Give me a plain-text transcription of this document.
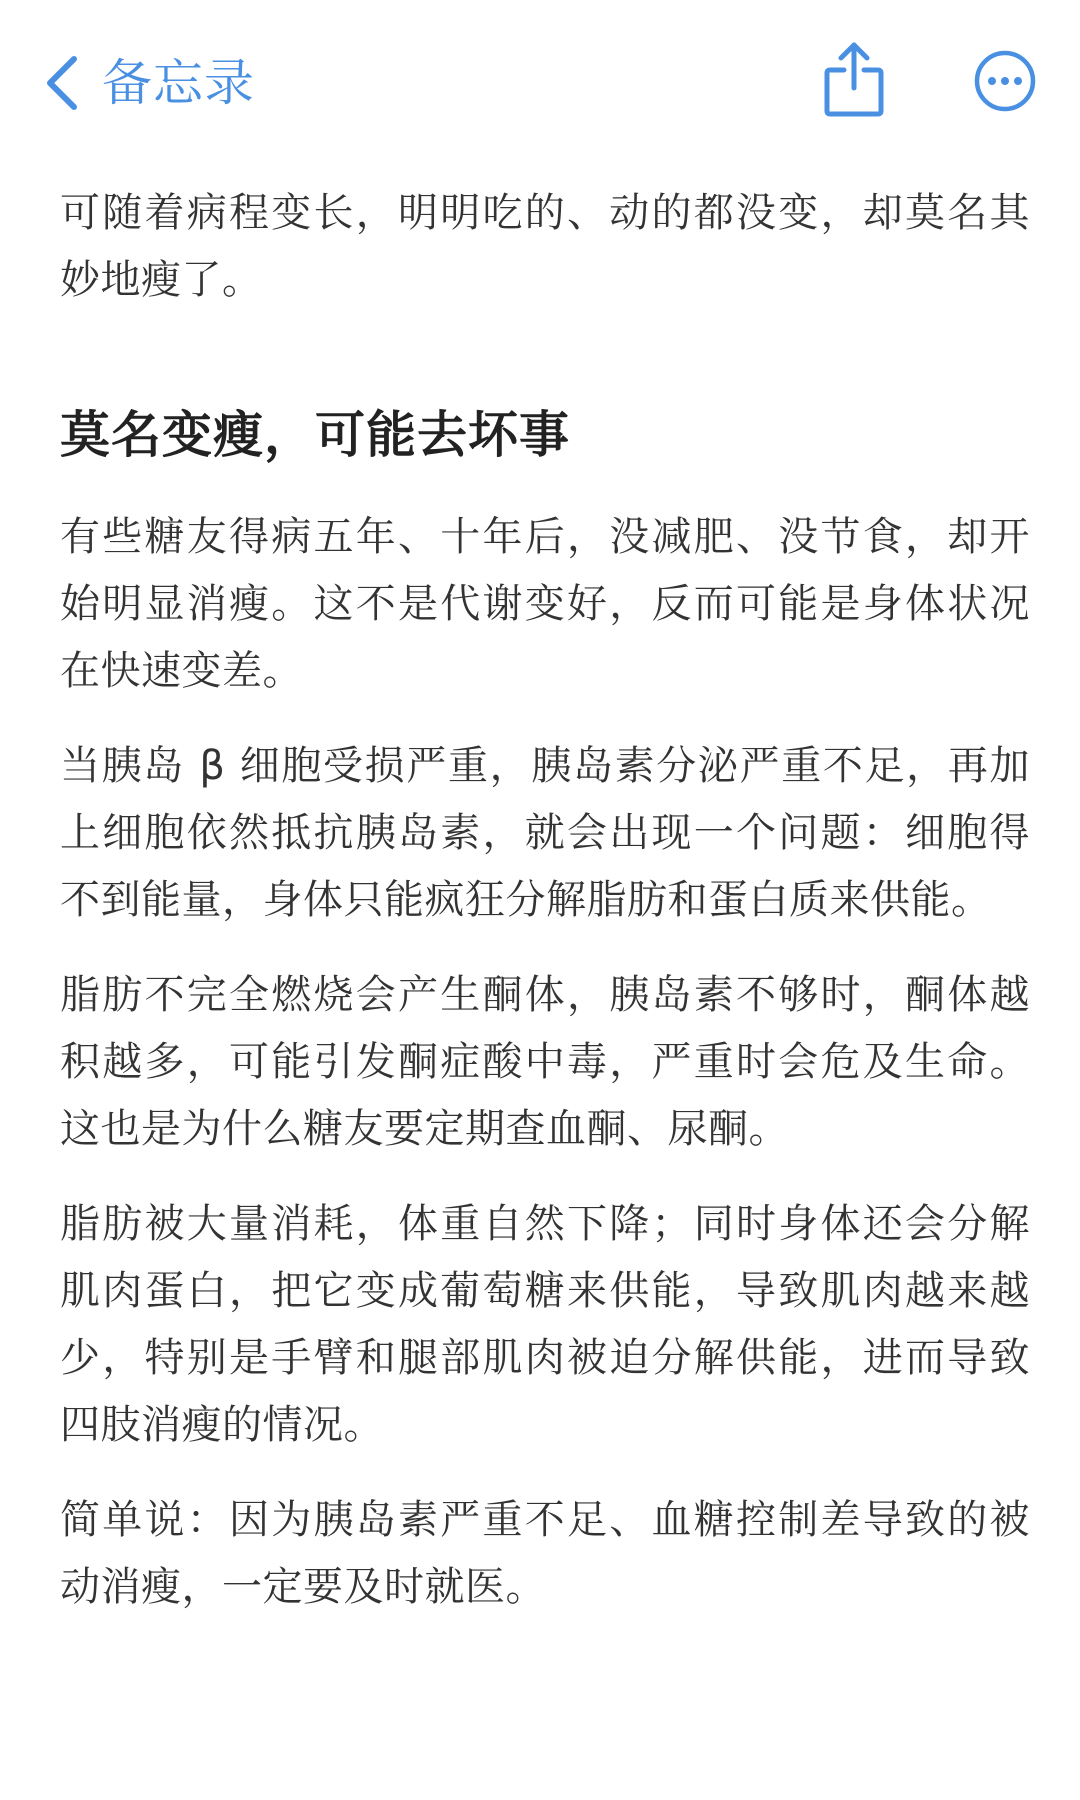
备忘录

可随着病程变长，明明吃的、动的都没变，却莫名其妙地瘦了。

莫名变瘦，可能去坏事

有些糖友得病五年、十年后，没减肥、没节食，却开始明显消瘦。这不是代谢变好，反而可能是身体状况在快速变差。

当胰岛 β 细胞受损严重，胰岛素分泌严重不足，再加上细胞依然抵抗胰岛素，就会出现一个问题：细胞得不到能量，身体只能疯狂分解脂肪和蛋白质来供能。

脂肪不完全燃烧会产生酮体，胰岛素不够时，酮体越积越多，可能引发酮症酸中毒，严重时会危及生命。这也是为什么糖友要定期查血酮、尿酮。

脂肪被大量消耗，体重自然下降；同时身体还会分解肌肉蛋白，把它变成葡萄糖来供能，导致肌肉越来越少，特别是手臂和腿部肌肉被迫分解供能，进而导致四肢消瘦的情况。

简单说：因为胰岛素严重不足、血糖控制差导致的被动消瘦，一定要及时就医。
